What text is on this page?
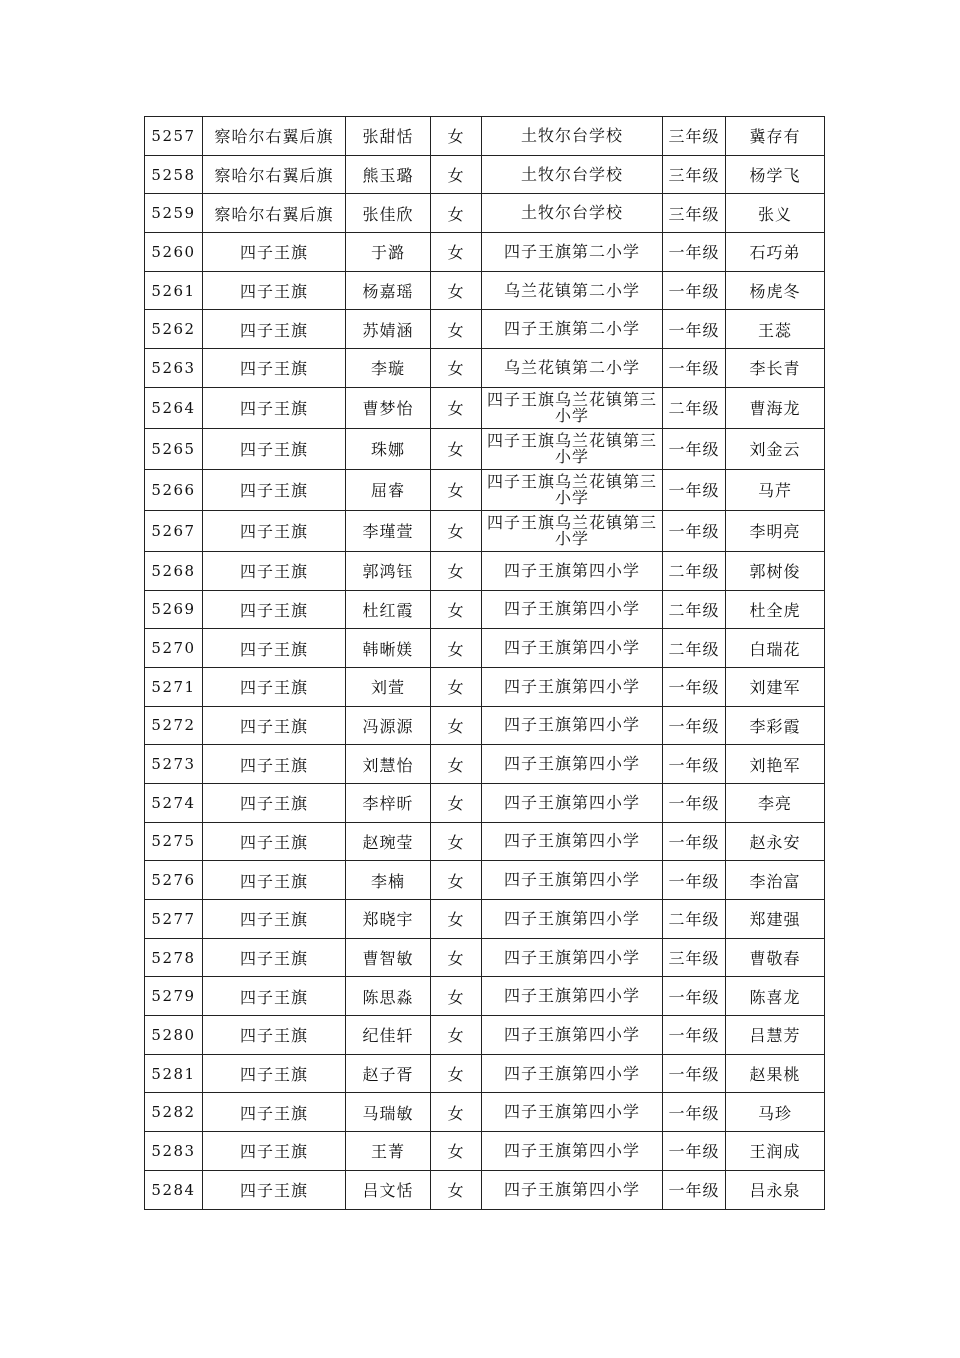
5257	察哈尔右翼后旗	张甜恬	女	土牧尔台学校	三年级	冀存有
5258	察哈尔右翼后旗	熊玉璐	女	土牧尔台学校	三年级	杨学飞
5259	察哈尔右翼后旗	张佳欣	女	土牧尔台学校	三年级	张义
5260	四子王旗	于潞	女	四子王旗第二小学	一年级	石巧弟
5261	四子王旗	杨嘉瑶	女	乌兰花镇第二小学	一年级	杨虎冬
5262	四子王旗	苏婧涵	女	四子王旗第二小学	一年级	王蕊
5263	四子王旗	李璇	女	乌兰花镇第二小学	一年级	李长青
5264	四子王旗	曹梦怡	女	四子王旗乌兰花镇第三小学	二年级	曹海龙
5265	四子王旗	珠娜	女	四子王旗乌兰花镇第三小学	一年级	刘金云
5266	四子王旗	屈睿	女	四子王旗乌兰花镇第三小学	一年级	马芹
5267	四子王旗	李瑾萱	女	四子王旗乌兰花镇第三小学	一年级	李明亮
5268	四子王旗	郭鸿钰	女	四子王旗第四小学	二年级	郭树俊
5269	四子王旗	杜红霞	女	四子王旗第四小学	二年级	杜全虎
5270	四子王旗	韩晰媄	女	四子王旗第四小学	二年级	白瑞花
5271	四子王旗	刘萱	女	四子王旗第四小学	一年级	刘建军
5272	四子王旗	冯源源	女	四子王旗第四小学	一年级	李彩霞
5273	四子王旗	刘慧怡	女	四子王旗第四小学	一年级	刘艳军
5274	四子王旗	李梓昕	女	四子王旗第四小学	一年级	李亮
5275	四子王旗	赵琬莹	女	四子王旗第四小学	一年级	赵永安
5276	四子王旗	李楠	女	四子王旗第四小学	一年级	李治富
5277	四子王旗	郑晓宇	女	四子王旗第四小学	二年级	郑建强
5278	四子王旗	曹智敏	女	四子王旗第四小学	三年级	曹敬春
5279	四子王旗	陈思淼	女	四子王旗第四小学	一年级	陈喜龙
5280	四子王旗	纪佳轩	女	四子王旗第四小学	一年级	吕慧芳
5281	四子王旗	赵子胥	女	四子王旗第四小学	一年级	赵果桃
5282	四子王旗	马瑞敏	女	四子王旗第四小学	一年级	马珍
5283	四子王旗	王菁	女	四子王旗第四小学	一年级	王润成
5284	四子王旗	吕文恬	女	四子王旗第四小学	一年级	吕永泉
